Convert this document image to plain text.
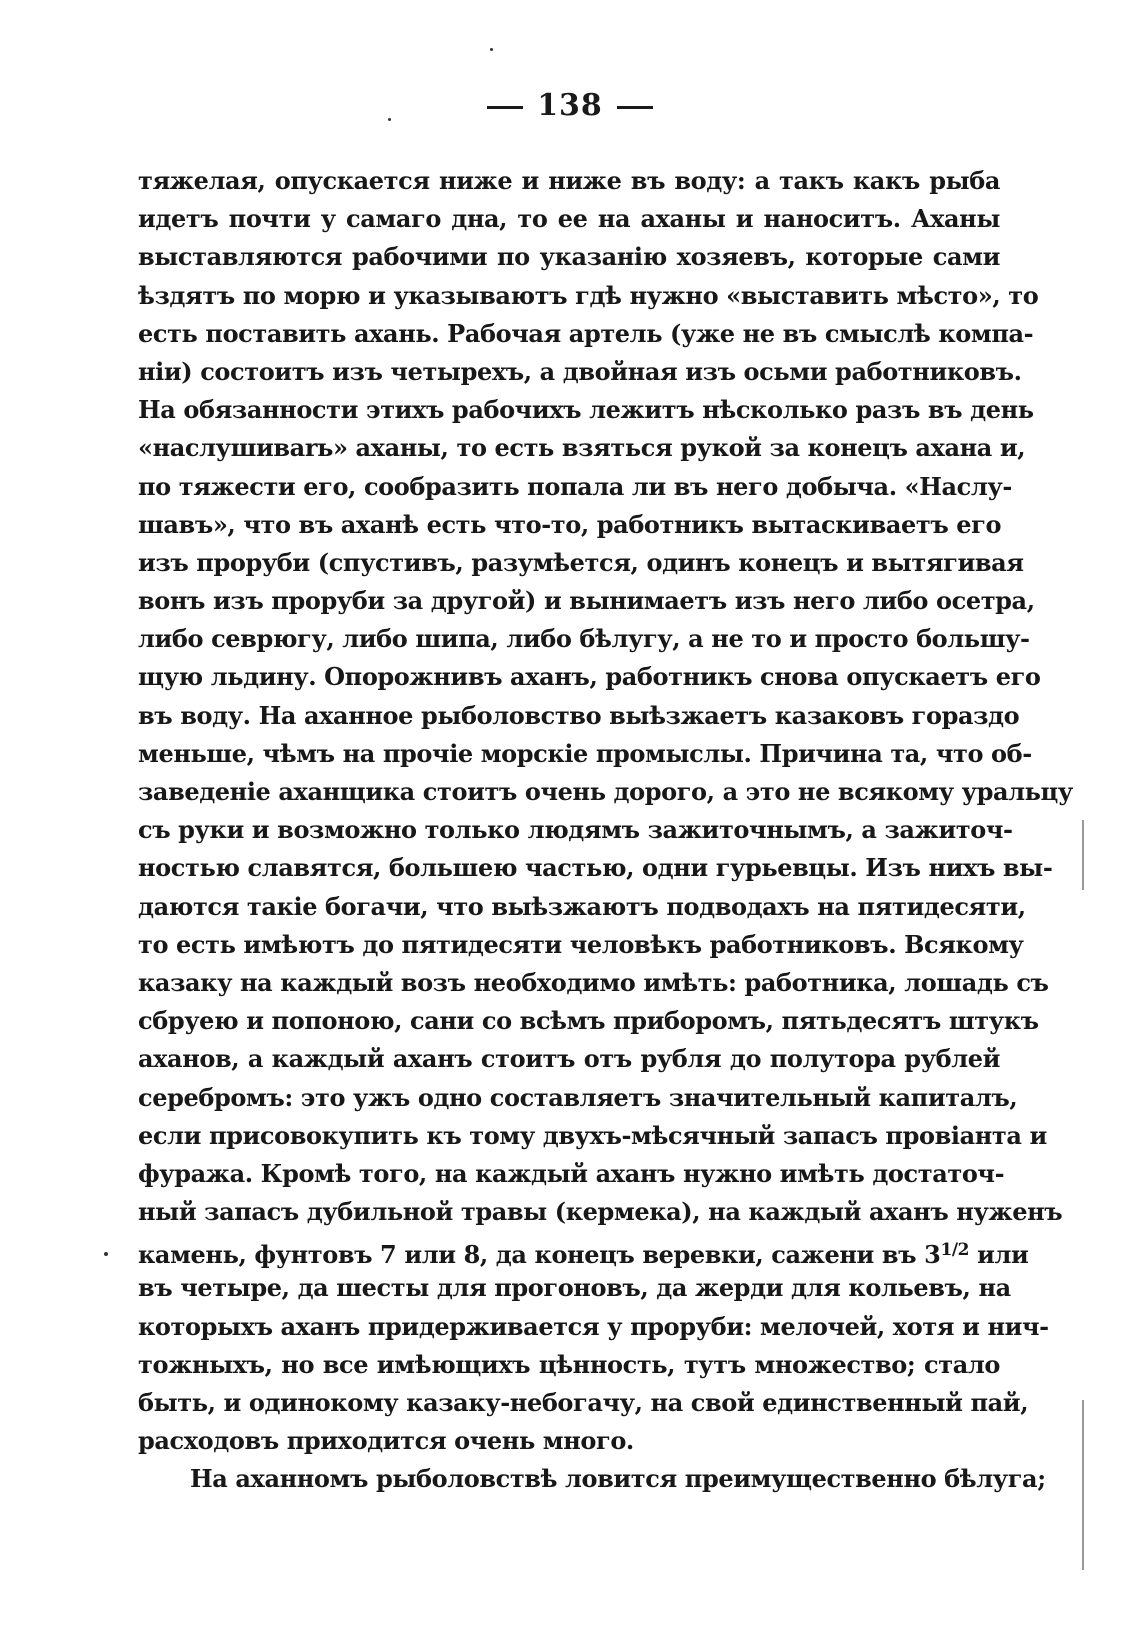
138
тяжелая, опускается ниже и ниже въ воду: а такъ какъ рыба
идетъ почти у самаго дна, то ее на аханы и наноситъ. Аханы
выставляются рабочими по указанію хозяевъ, которые сами
ѣздятъ по морю и указываютъ гдѣ нужно «выставить мѣсто», то
есть поставить ахань. Рабочая артель (уже не въ смыслѣ компа-
ніи) состоитъ изъ четырехъ, а двойная изъ осьми работниковъ.
На обязанности этихъ рабочихъ лежитъ нѣсколько разъ въ день
«наслушиваrь» аханы, то есть взяться рукой за конецъ ахана и,
по тяжести его, сообразить попала ли въ него добыча. «Наслу-
шавъ», что въ аханѣ есть что-то, работникъ вытаскиваетъ его
изъ проруби (спустивъ, разумѣется, одинъ конецъ и вытягивая
вонъ изъ проруби за другой) и вынимаетъ изъ него либо осетра,
либо севрюгу, либо шипа, либо бѣлугу, а не то и просто большу-
щую льдину. Опорожнивъ аханъ, работникъ снова опускаетъ его
въ воду. На аханное рыболовство выѣзжаетъ казаковъ гораздо
меньше, чѣмъ на прочіе морскіе промыслы. Причина та, что об-
заведеніе аханщика стоитъ очень дорого, а это не всякому уральцу
съ руки и возможно только людямъ зажиточнымъ, а зажиточ-
ностью славятся, большею частью, одни гурьевцы. Изъ нихъ вы-
даются такіе богачи, что выѣзжаютъ подводахъ на пятидесяти,
то есть имѣютъ до пятидесяти человѣкъ работниковъ. Всякому
казаку на каждый возъ необходимо имѣть: работника, лошадь съ
сбруею и попоною, сани со всѣмъ приборомъ, пятьдесятъ штукъ
аханов, а каждый аханъ стоитъ отъ рубля до полутора рублей
серебромъ: это ужъ одно составляетъ значительный капиталъ,
если присовокупить къ тому двухъ-мѣсячный запасъ провіанта и
фуража. Кромѣ того, на каждый аханъ нужно имѣть достаточ-
ный запасъ дубильной травы (кермека), на каждый аханъ нуженъ
камень, фунтовъ 7 или 8, да конецъ веревки, сажени въ $3^{1/2}$ или
въ четыре, да шесты для прогоновъ, да жерди для кольевъ, на
которыхъ аханъ придерживается у проруби: мелочей, хотя и нич-
тожныхъ, но все имѣющихъ цѣнность, тутъ множество; стало
быть, и одинокому казаку-небогачу, на свой единственный пай,
расходовъ приходится очень много.
На аханномъ рыболовствѣ ловится преимущественно бѣлуга;
